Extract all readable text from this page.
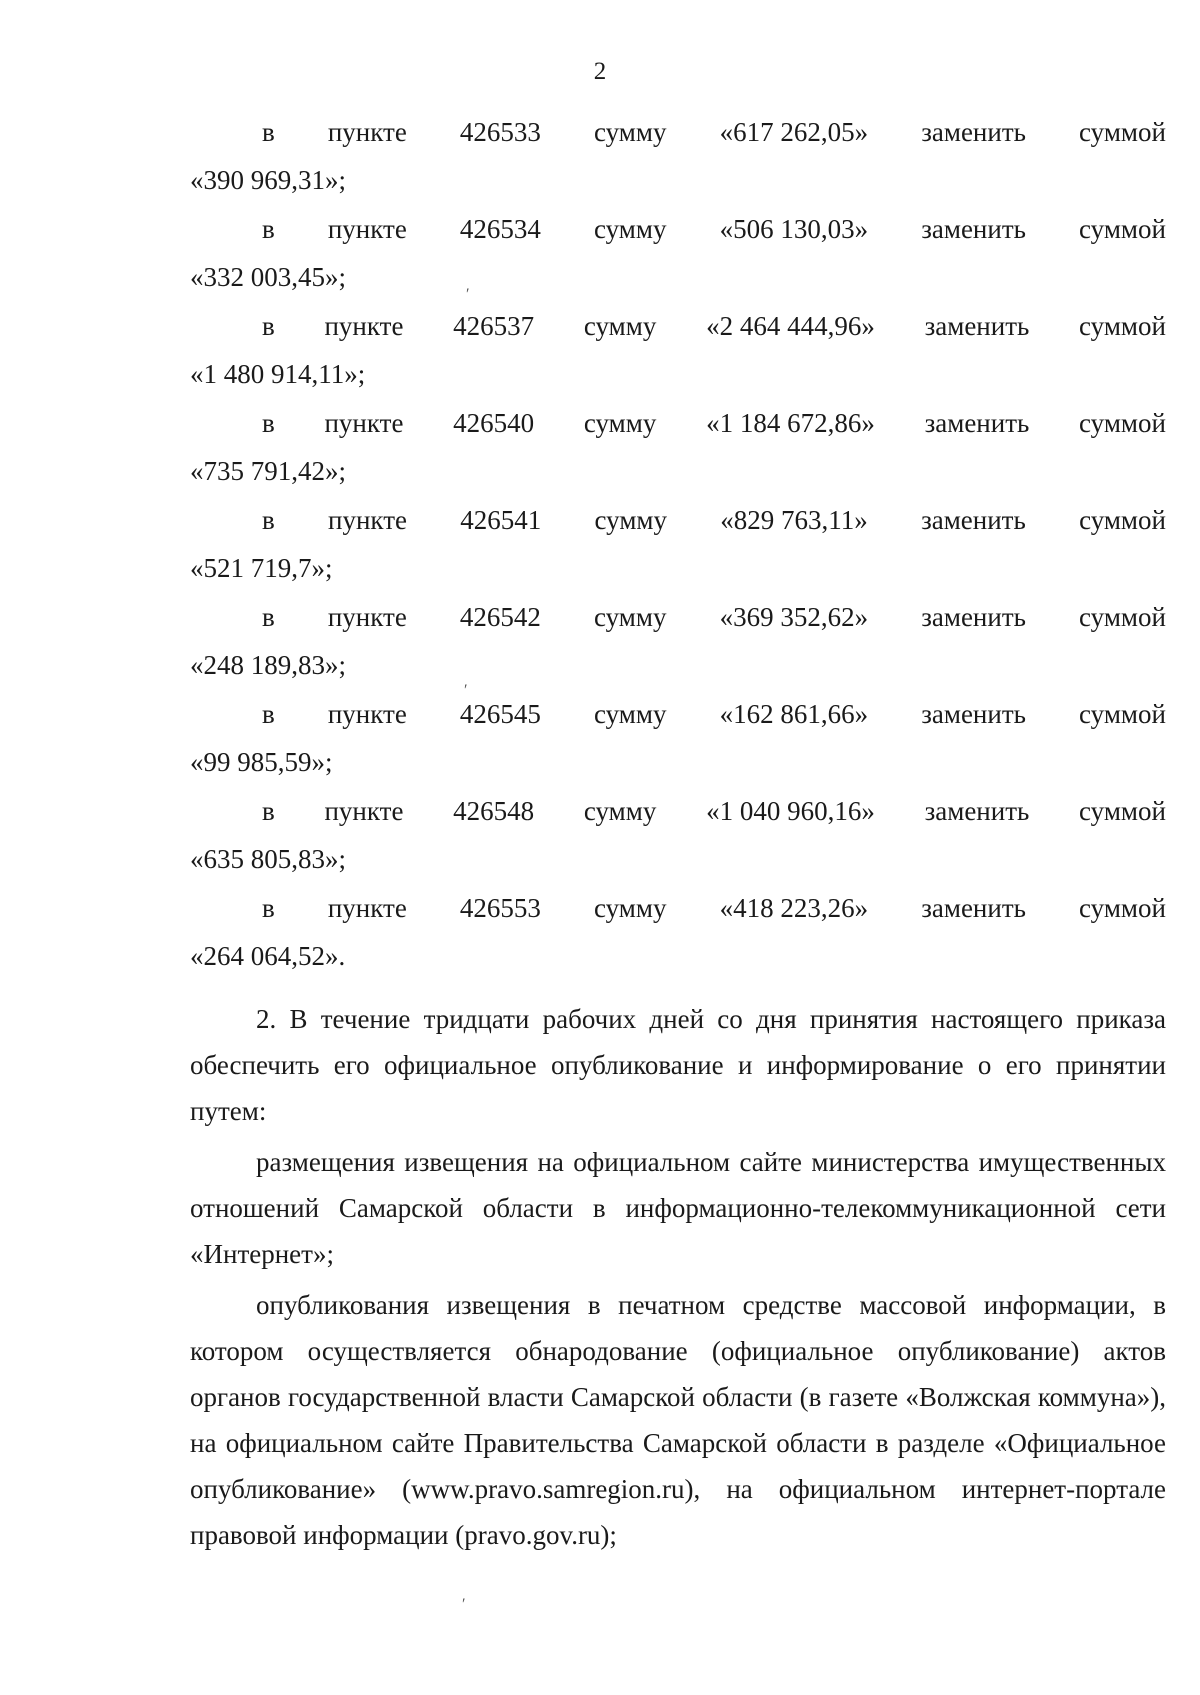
2
в пункте 426533 сумму «617 262,05» заменить суммой
«390 969,31»;
в пункте 426534 сумму «506 130,03» заменить суммой
«332 003,45»;
в пункте 426537 сумму «2 464 444,96» заменить суммой
«1 480 914,11»;
в пункте 426540 сумму «1 184 672,86» заменить суммой
«735 791,42»;
в пункте 426541 сумму «829 763,11» заменить суммой
«521 719,7»;
в пункте 426542 сумму «369 352,62» заменить суммой
«248 189,83»;
в пункте 426545 сумму «162 861,66» заменить суммой
«99 985,59»;
в пункте 426548 сумму «1 040 960,16» заменить суммой
«635 805,83»;
в пункте 426553 сумму «418 223,26» заменить суммой
«264 064,52».

2. В течение тридцати рабочих дней со дня принятия настоящего приказа обеспечить его официальное опубликование и информирование о его принятии путем:

размещения извещения на официальном сайте министерства имущественных отношений Самарской области в информационно-телекоммуникационной сети «Интернет»;

опубликования извещения в печатном средстве массовой информации, в котором осуществляется обнародование (официальное опубликование) актов органов государственной власти Самарской области (в газете «Волжская коммуна»), на официальном сайте Правительства Самарской области в разделе «Официальное опубликование» (www.pravo.samregion.ru), на официальном интернет-портале правовой информации (pravo.gov.ru);

′
′
′
